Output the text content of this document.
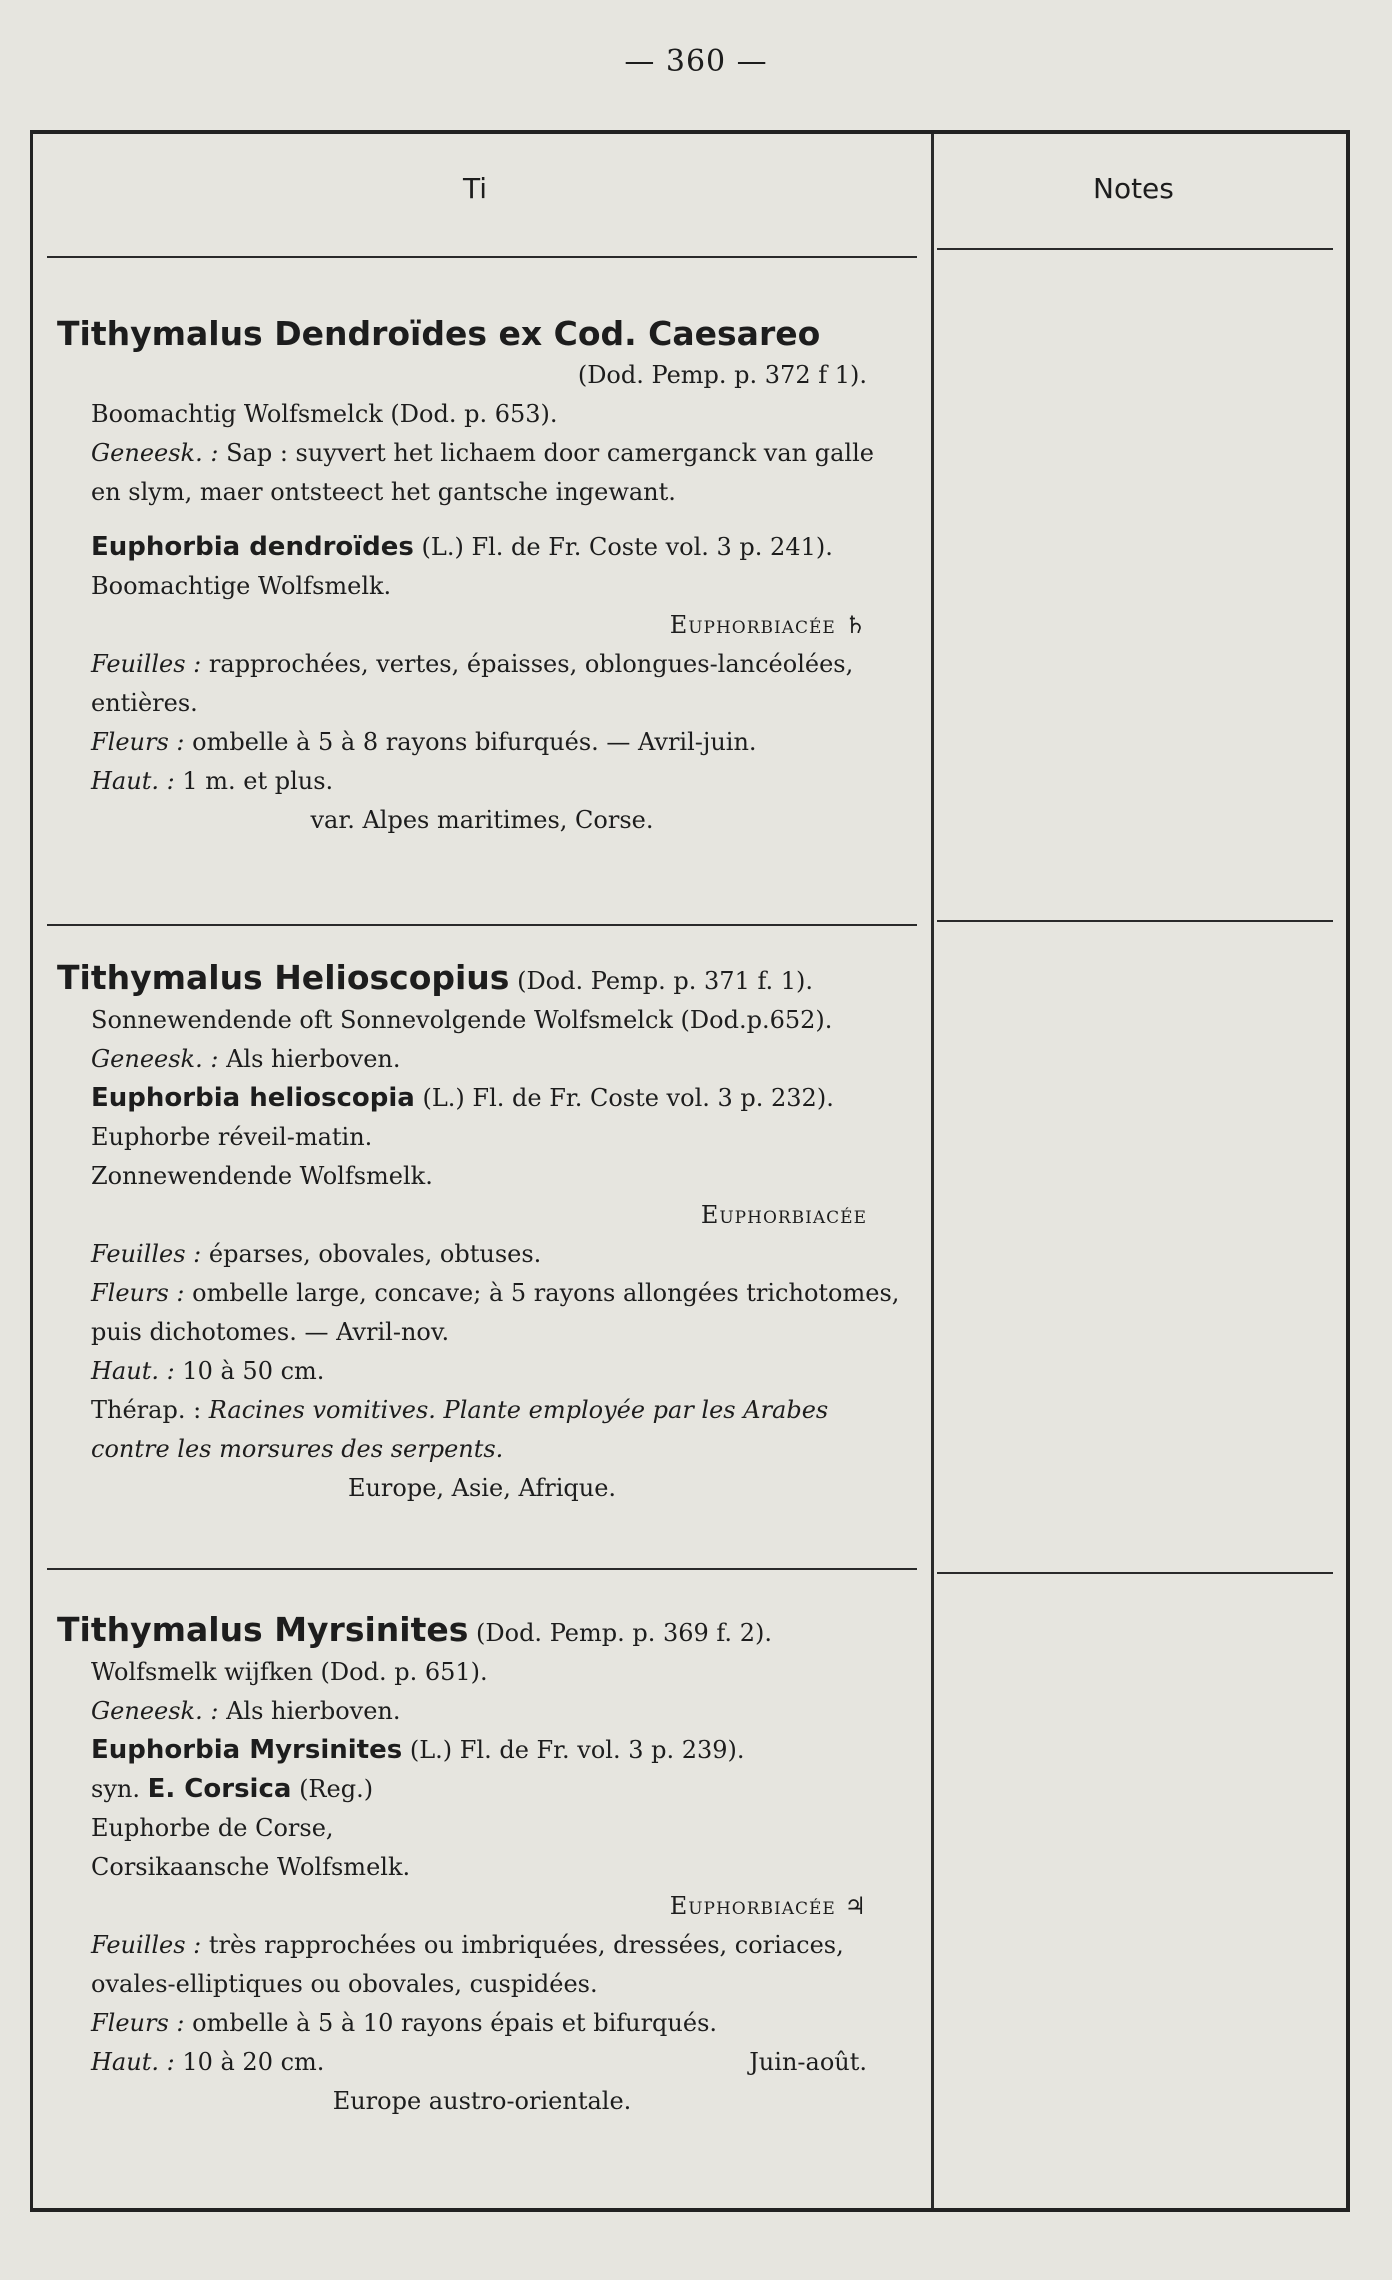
— 360 —
Ti	Notes

Tithymalus Dendroïdes ex Cod. Caesareo

(Dod. Pemp. p. 372 f 1).

Boomachtig Wolfsmelck (Dod. p. 653).

Geneesk. : Sap : suyvert het lichaem door camerganck van galle en slym, maer ontsteect het gantsche ingewant.

Euphorbia dendroïdes (L.) Fl. de Fr. Coste vol. 3 p. 241).

Boomachtige Wolfsmelk.

Euphorbiacée ♄

Feuilles : rapprochées, vertes, épaisses, oblongues-lancéolées, entières.

Fleurs : ombelle à 5 à 8 rayons bifurqués. — Avril-juin.

Haut. : 1 m. et plus.

var. Alpes maritimes, Corse.

Tithymalus Helioscopius (Dod. Pemp. p. 371 f. 1).

Sonnewendende oft Sonnevolgende Wolfsmelck (Dod.p.652).

Geneesk. : Als hierboven.

Euphorbia helioscopia (L.) Fl. de Fr. Coste vol. 3 p. 232).

Euphorbe réveil-matin.

Zonnewendende Wolfsmelk.

Euphorbiacée

Feuilles : éparses, obovales, obtuses.

Fleurs : ombelle large, concave; à 5 rayons allongées trichotomes, puis dichotomes. — Avril-nov.

Haut. : 10 à 50 cm.

Thérap. : Racines vomitives. Plante employée par les Arabes contre les morsures des serpents.

Europe, Asie, Afrique.

Tithymalus Myrsinites (Dod. Pemp. p. 369 f. 2).

Wolfsmelk wijfken (Dod. p. 651).

Geneesk. : Als hierboven.

Euphorbia Myrsinites (L.) Fl. de Fr. vol. 3 p. 239).

syn. E. Corsica (Reg.)

Euphorbe de Corse,

Corsikaansche Wolfsmelk.

Euphorbiacée ♃

Feuilles : très rapprochées ou imbriquées, dressées, coriaces, ovales-elliptiques ou obovales, cuspidées.

Fleurs : ombelle à 5 à 10 rayons épais et bifurqués.

Haut. : 10 à 20 cm.	Juin-août.

Europe austro-orientale.
